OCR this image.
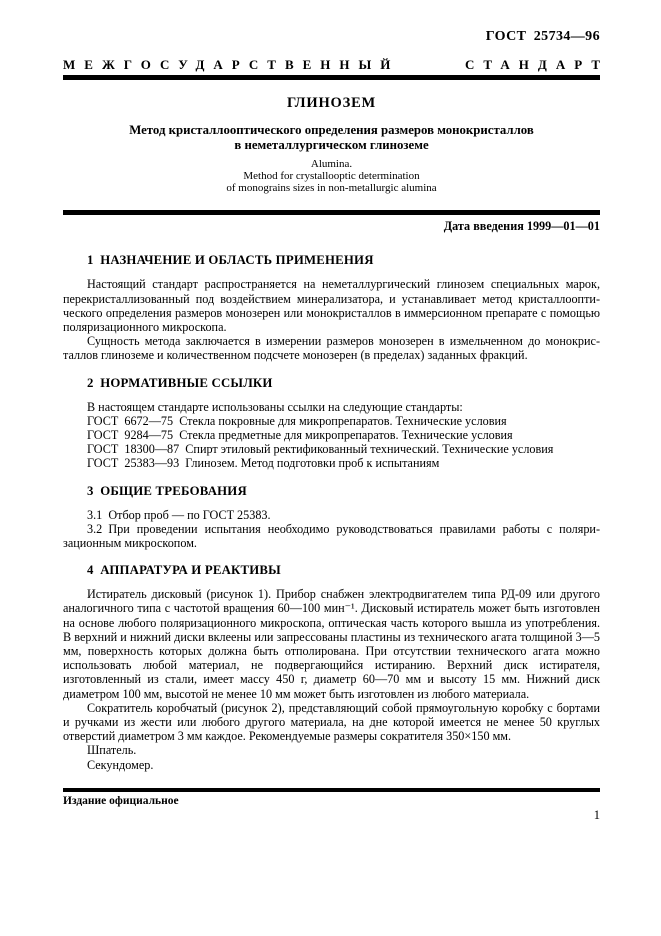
ГОСТ 25734—96
МЕЖГОСУДАРСТВЕННЫЙ СТАНДАРТ
ГЛИНОЗЕМ
Метод кристаллооптического определения размеров монокристаллов
в неметаллургическом глиноземе
Alumina.
Method for crystallooptic determination
of monograins sizes in non-metallurgic alumina
Дата введения 1999—01—01
1 НАЗНАЧЕНИЕ И ОБЛАСТЬ ПРИМЕНЕНИЯ

Настоящий стандарт распространяется на неметаллургический глинозем специальных марок, перекристаллизованный под воздействием минерализатора, и устанавливает метод кристаллооптического определения размеров монозерен или монокристаллов в иммерсионном препарате с помощью поляризационного микроскопа.

Сущность метода заключается в измерении размеров монозерен в измельченном до монокристаллов глиноземе и количественном подсчете монозерен (в пределах) заданных фракций.

2 НОРМАТИВНЫЕ ССЫЛКИ

В настоящем стандарте использованы ссылки на следующие стандарты:

ГОСТ 6672—75 Стекла покровные для микропрепаратов. Технические условия

ГОСТ 9284—75 Стекла предметные для микропрепаратов. Технические условия

ГОСТ 18300—87 Спирт этиловый ректификованный технический. Технические условия

ГОСТ 25383—93 Глинозем. Метод подготовки проб к испытаниям

3 ОБЩИЕ ТРЕБОВАНИЯ

3.1 Отбор проб — по ГОСТ 25383.

3.2 При проведении испытания необходимо руководствоваться правилами работы с поляризационным микроскопом.

4 АППАРАТУРА И РЕАКТИВЫ

Истиратель дисковый (рисунок 1). Прибор снабжен электродвигателем типа РД-09 или другого аналогичного типа с частотой вращения 60—100 мин⁻¹. Дисковый истиратель может быть изготовлен на основе любого поляризационного микроскопа, оптическая часть которого вышла из употребления. В верхний и нижний диски вклеены или запрессованы пластины из технического агата толщиной 3—5 мм, поверхность которых должна быть отполирована. При отсутствии технического агата можно использовать любой материал, не подвергающийся истиранию. Верхний диск истирателя, изготовленный из стали, имеет массу 450 г, диаметр 60—70 мм и высоту 15 мм. Нижний диск диаметром 100 мм, высотой не менее 10 мм может быть изготовлен из любого материала.

Сократитель коробчатый (рисунок 2), представляющий собой прямоугольную коробку с бортами и ручками из жести или любого другого материала, на дне которой имеется не менее 50 круглых отверстий диаметром 3 мм каждое. Рекомендуемые размеры сократителя 350×150 мм.

Шпатель.

Секундомер.

Издание официальное
1
